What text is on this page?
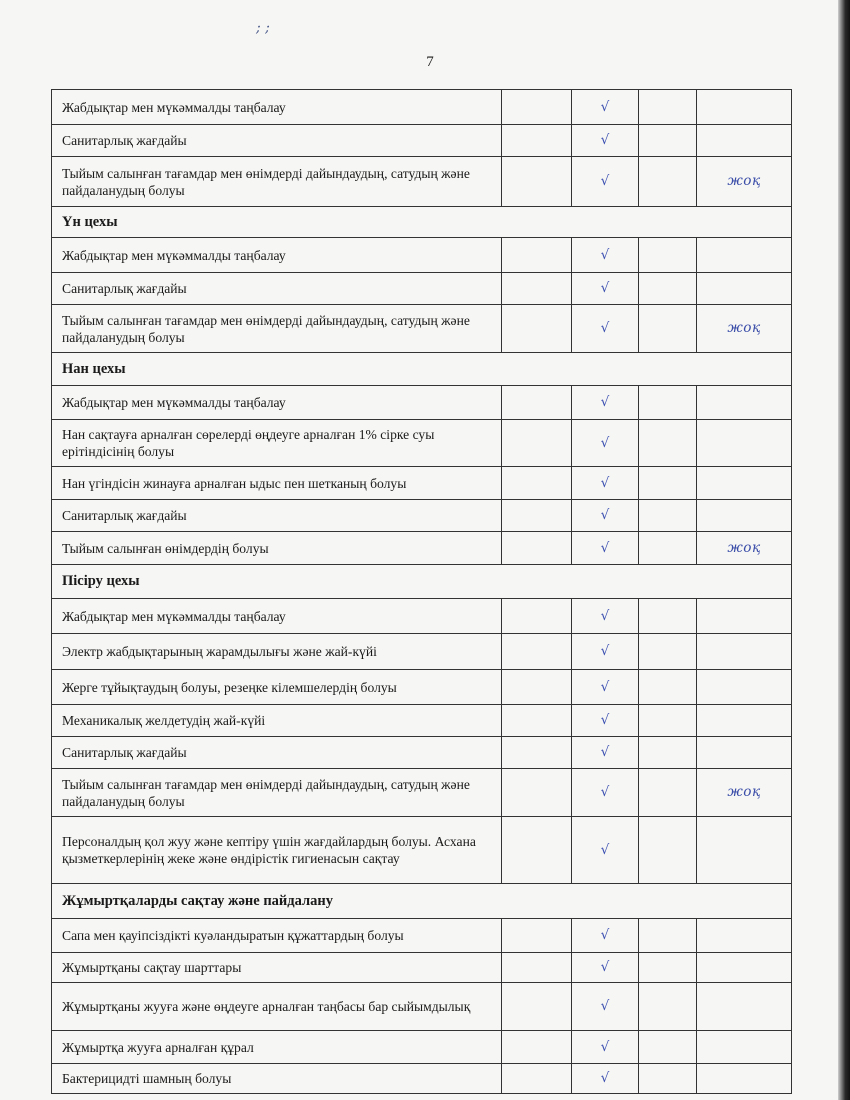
; ;
7
Жабдықтар мен мүкәммалды таңбалау		√		
Санитарлық жағдайы		√		
Тыйым салынған тағамдар мен өнімдерді дайындаудың, сатудың және пайдаланудың болуы		√		жоқ
Үн цехы				
Жабдықтар мен мүкәммалды таңбалау		√		
Санитарлық жағдайы		√		
Тыйым салынған тағамдар мен өнімдерді дайындаудың, сатудың және пайдаланудың болуы		√		жоқ
Нан цехы				
Жабдықтар мен мүкәммалды таңбалау		√		
Нан сақтауға арналған сөрелерді өңдеуге арналған 1% сірке суы ерітіндісінің болуы		√		
Нан үгіндісін жинауға арналған ыдыс пен шетканың болуы		√		
Санитарлық жағдайы		√		
Тыйым салынған өнімдердің болуы		√		жоқ
Пісіру цехы				
Жабдықтар мен мүкәммалды таңбалау		√		
Электр жабдықтарының жарамдылығы және жай-күйі		√		
Жерге тұйықтаудың болуы, резеңке кілемшелердің болуы		√		
Механикалық желдетудің жай-күйі		√		
Санитарлық жағдайы		√		
Тыйым салынған тағамдар мен өнімдерді дайындаудың, сатудың және пайдаланудың болуы		√		жоқ
Персоналдың қол жуу және кептіру үшін жағдайлардың болуы. Асхана қызметкерлерінің жеке және өндірістік гигиенасын сақтау		√		
Жұмыртқаларды сақтау және пайдалану				
Сапа мен қауіпсіздікті куәландыратын құжаттардың болуы		√		
Жұмыртқаны сақтау шарттары		√		
Жұмыртқаны жууға және өңдеуге арналған таңбасы бар сыйымдылық		√		
Жұмыртқа жууға арналған құрал		√		
Бактерицидті шамның болуы		√		
